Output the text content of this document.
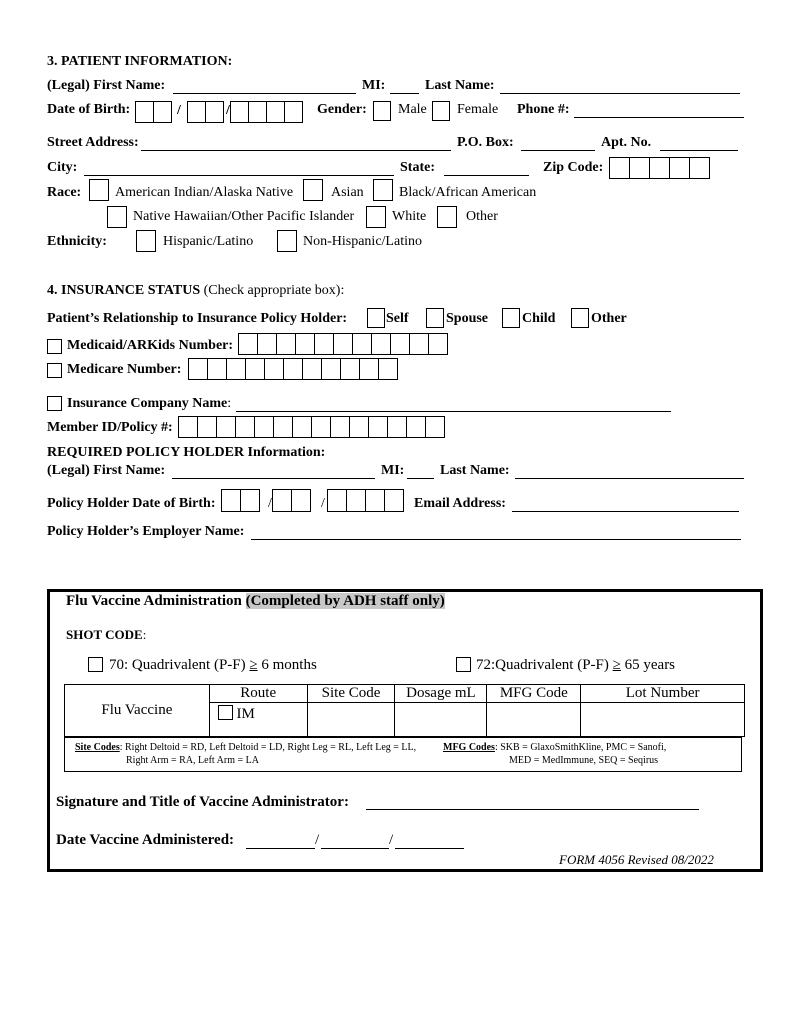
3. PATIENT INFORMATION:
(Legal) First Name:	MI:	Last Name:
Date of Birth:	/	/	Gender: Male Female Phone #:
Street Address:	P.O. Box:	Apt. No.
City:	State:	Zip Code:
Race: American Indian/Alaska Native	Asian	Black/African American
Native Hawaiian/Other Pacific Islander	White	Other
Ethnicity:	Hispanic/Latino	Non-Hispanic/Latino
4. INSURANCE STATUS (Check appropriate box):
Patient’s Relationship to Insurance Policy Holder:	Self	Spouse Child	Other
Medicaid/ARKids Number:
Medicare Number:
Insurance Company Name:
Member ID/Policy #:
REQUIRED POLICY HOLDER Information:
(Legal) First Name:	MI:	Last Name:
Policy Holder Date of Birth:	/	/	Email Address:
Policy Holder’s Employer Name:
Flu Vaccine Administration (Completed by ADH staff only)
SHOT CODE:
70: Quadrivalent (P-F) ≥ 6 months	72:Quadrivalent (P-F) ≥ 65 years
Flu Vaccine	Route	Site Code	Dosage mL	MFG Code	Lot Number
	IM				
Site Codes: Right Deltoid = RD, Left Deltoid = LD, Right Leg = RL, Left Leg = LL,
Right Arm = RA, Left Arm = LA
MFG Codes: SKB = GlaxoSmithKline, PMC = Sanofi,
MED = MedImmune, SEQ = Seqirus
Signature and Title of Vaccine Administrator:
Date Vaccine Administered:	/	/
FORM 4056 Revised 08/2022
